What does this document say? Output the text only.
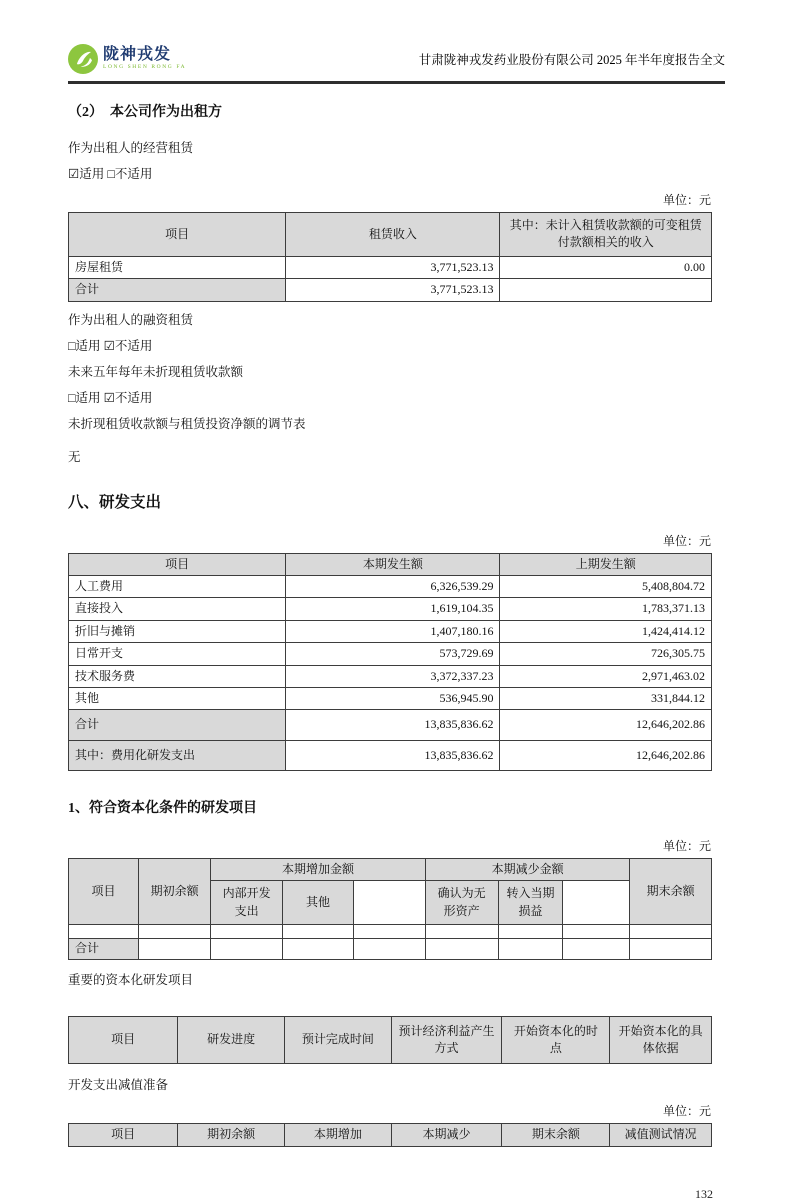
陇神戎发
LONG SHEN RONG FA
甘肃陇神戎发药业股份有限公司 2025 年半年度报告全文
（2）　本公司作为出租方
作为出租人的经营租赁
☑适用 □不适用
单位：元
项目	租赁收入	其中：未计入租赁收款额的可变租赁付款额相关的收入
房屋租赁	3,771,523.13	0.00
合计	3,771,523.13	
作为出租人的融资租赁
□适用 ☑不适用
未来五年每年未折现租赁收款额
□适用 ☑不适用
未折现租赁收款额与租赁投资净额的调节表
无
八、研发支出
单位：元
项目	本期发生额	上期发生额
人工费用	6,326,539.29	5,408,804.72
直接投入	1,619,104.35	1,783,371.13
折旧与摊销	1,407,180.16	1,424,414.12
日常开支	573,729.69	726,305.75
技术服务费	3,372,337.23	2,971,463.02
其他	536,945.90	331,844.12
合计	13,835,836.62	12,646,202.86
其中：费用化研发支出	13,835,836.62	12,646,202.86
1、符合资本化条件的研发项目
单位：元
项目	期初余额	本期增加金额			本期减少金额			期末余额
		内部开发支出	其他		确认为无形资产	转入当期损益		

合计								
重要的资本化研发项目
项目	研发进度	预计完成时间	预计经济利益产生方式	开始资本化的时点	开始资本化的具体依据
开发支出减值准备
单位：元
项目	期初余额	本期增加	本期减少	期末余额	减值测试情况
132
